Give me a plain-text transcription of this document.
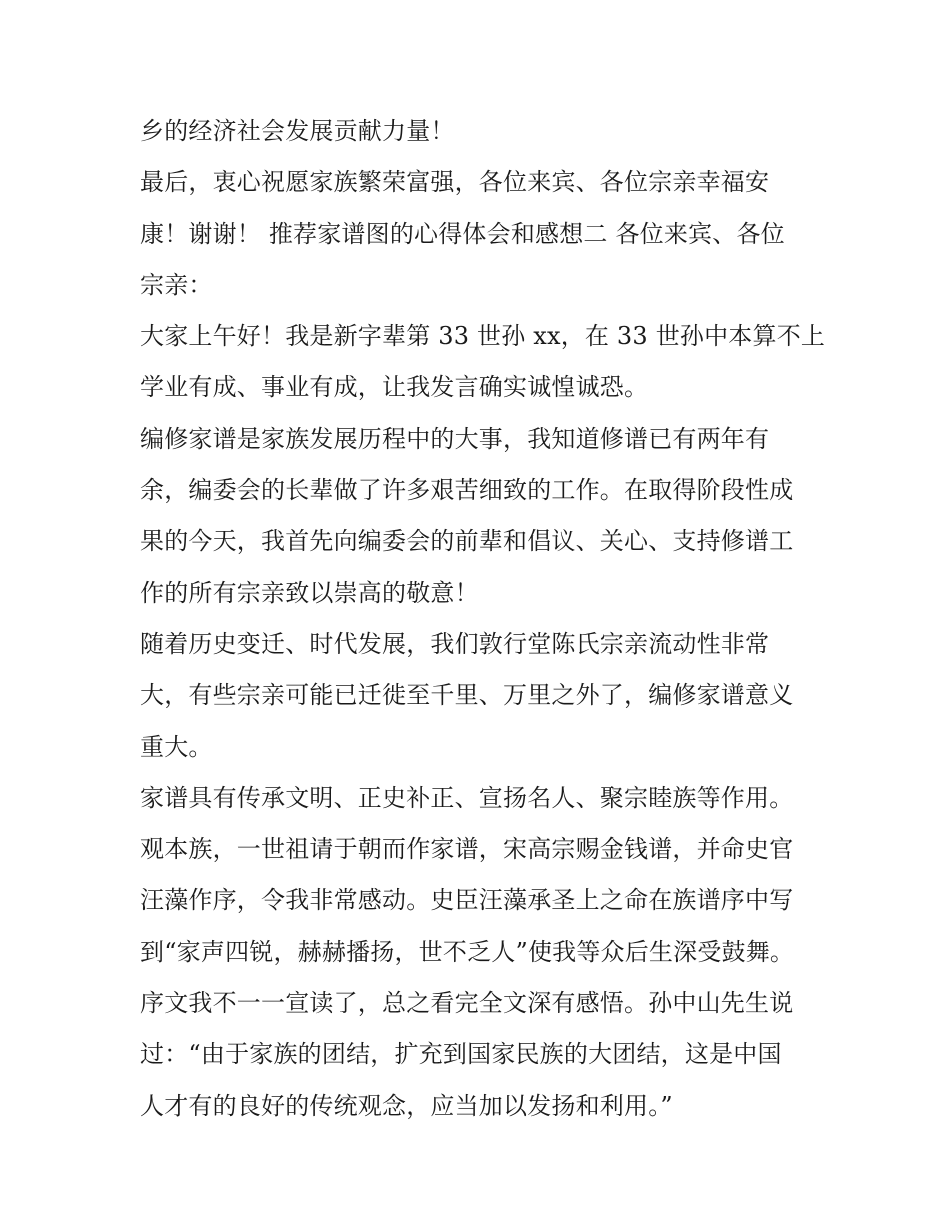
乡的经济社会发展贡献力量！
最后，衷心祝愿家族繁荣富强，各位来宾、各位宗亲幸福安
康！谢谢！ 推荐家谱图的心得体会和感想二 各位来宾、各位
宗亲：
大家上午好！我是新字辈第 33 世孙 xx，在 33 世孙中本算不上
学业有成、事业有成，让我发言确实诚惶诚恐。
编修家谱是家族发展历程中的大事，我知道修谱已有两年有
余，编委会的长辈做了许多艰苦细致的工作。在取得阶段性成
果的今天，我首先向编委会的前辈和倡议、关心、支持修谱工
作的所有宗亲致以崇高的敬意！
随着历史变迁、时代发展，我们敦行堂陈氏宗亲流动性非常
大，有些宗亲可能已迁徙至千里、万里之外了，编修家谱意义
重大。
家谱具有传承文明、正史补正、宣扬名人、聚宗睦族等作用。
观本族，一世祖请于朝而作家谱，宋高宗赐金钱谱，并命史官
汪藻作序，令我非常感动。史臣汪藻承圣上之命在族谱序中写
到“家声四锐，赫赫播扬，世不乏人”使我等众后生深受鼓舞。
序文我不一一宣读了，总之看完全文深有感悟。孙中山先生说
过：“由于家族的团结，扩充到国家民族的大团结，这是中国
人才有的良好的传统观念，应当加以发扬和利用。”
